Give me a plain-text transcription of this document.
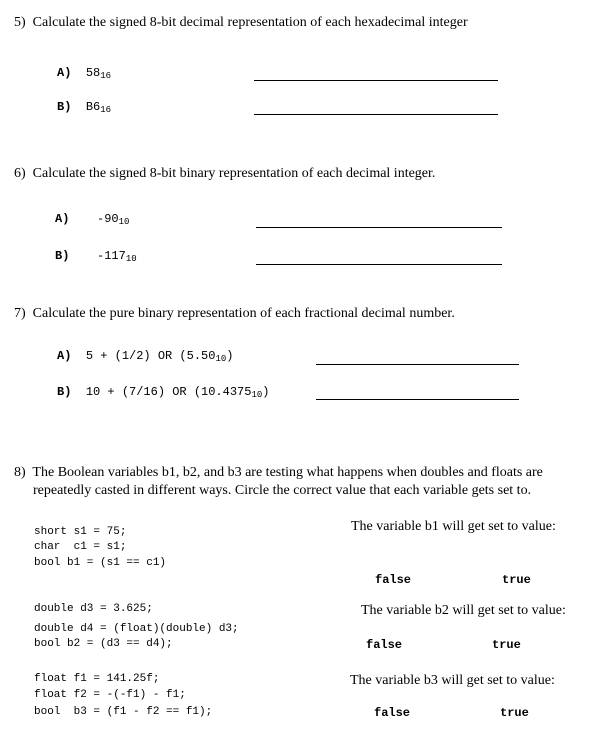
5) Calculate the signed 8-bit decimal representation of each hexadecimal integer
A) $58_{16}$
B) $B6_{16}$
6) Calculate the signed 8-bit binary representation of each decimal integer.
A) $-90_{10}$
B) $-117_{10}$
7) Calculate the pure binary representation of each fractional decimal number.
A) 5 + (1/2) OR $(5.50_{10})$
B) 10 + (7/16) OR $(10.4375_{10})$
8) The Boolean variables b1, b2, and b3 are testing what happens when doubles and floats are
repeatedly casted in different ways. Circle the correct value that each variable gets set to.
short s1 = 75;
char  c1 = s1;
bool b1 = (s1 == c1)
The variable b1 will get set to value:
false	true
double d3 = 3.625;
double d4 = (float)(double) d3;
bool b2 = (d3 == d4);
The variable b2 will get set to value:
false	true
float f1 = 141.25f;
float f2 = -(-f1) - f1;
bool  b3 = (f1 - f2 == f1);
The variable b3 will get set to value:
false	true
